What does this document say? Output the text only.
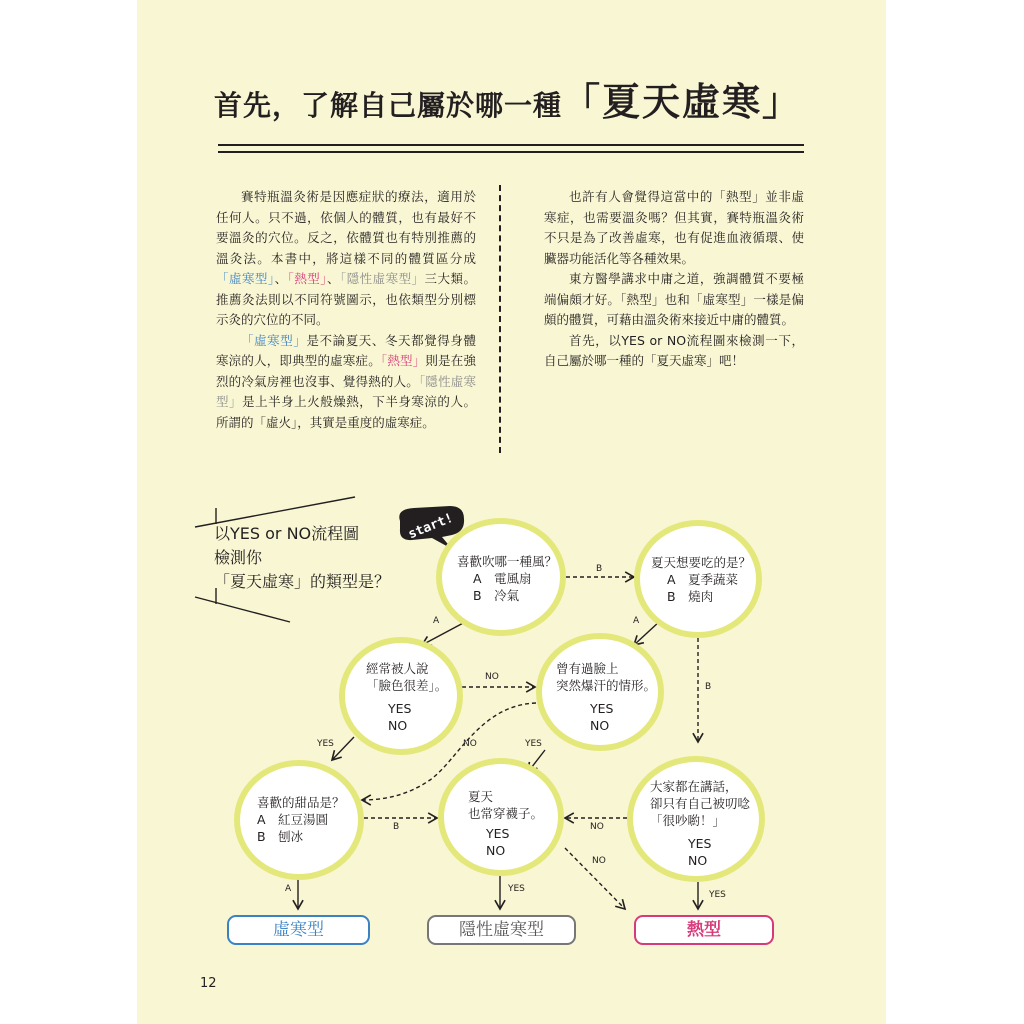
首先，了解自己屬於哪一種「夏天虛寒」

賽特瓶溫灸術是因應症狀的療法，適用於任何人。只不過，依個人的體質，也有最好不要溫灸的穴位。反之，依體質也有特別推薦的溫灸法。本書中，將這樣不同的體質區分成「虛寒型」、「熱型」、「隱性虛寒型」三大類。推薦灸法則以不同符號圖示，也依類型分別標示灸的穴位的不同。

「虛寒型」是不論夏天、冬天都覺得身體寒涼的人，即典型的虛寒症。「熱型」則是在強烈的冷氣房裡也沒事、覺得熱的人。「隱性虛寒型」是上半身上火般燥熱，下半身寒涼的人。所謂的「虛火」，其實是重度的虛寒症。

也許有人會覺得這當中的「熱型」並非虛寒症，也需要溫灸嗎？但其實，賽特瓶溫灸術不只是為了改善虛寒，也有促進血液循環、使臟器功能活化等各種效果。

東方醫學講求中庸之道，強調體質不要極端偏頗才好。「熱型」也和「虛寒型」一樣是偏頗的體質，可藉由溫灸術來接近中庸的體質。

首先，以YES or NO流程圖來檢測一下，自己屬於哪一種的「夏天虛寒」吧！

以YES or NO流程圖
檢測你
「夏天虛寒」的類型是？
B
A	A
B
NO
YES	NO	YES
B	NO
NO
A	YES
YES
start!
喜歡吹哪一種風？
A　電風扇
B　冷氣
夏天想要吃的是？
A　夏季蔬菜
B　燒肉
經常被人說
「臉色很差」。
YES
NO
曾有過臉上
突然爆汗的情形。
YES
NO
喜歡的甜品是？
A　紅豆湯圓
B　刨冰
夏天
也常穿襪子。
YES
NO
大家都在講話，
卻只有自己被叨唸
「很吵喲！」
YES
NO
虛寒型	隱性虛寒型	熱型
12
